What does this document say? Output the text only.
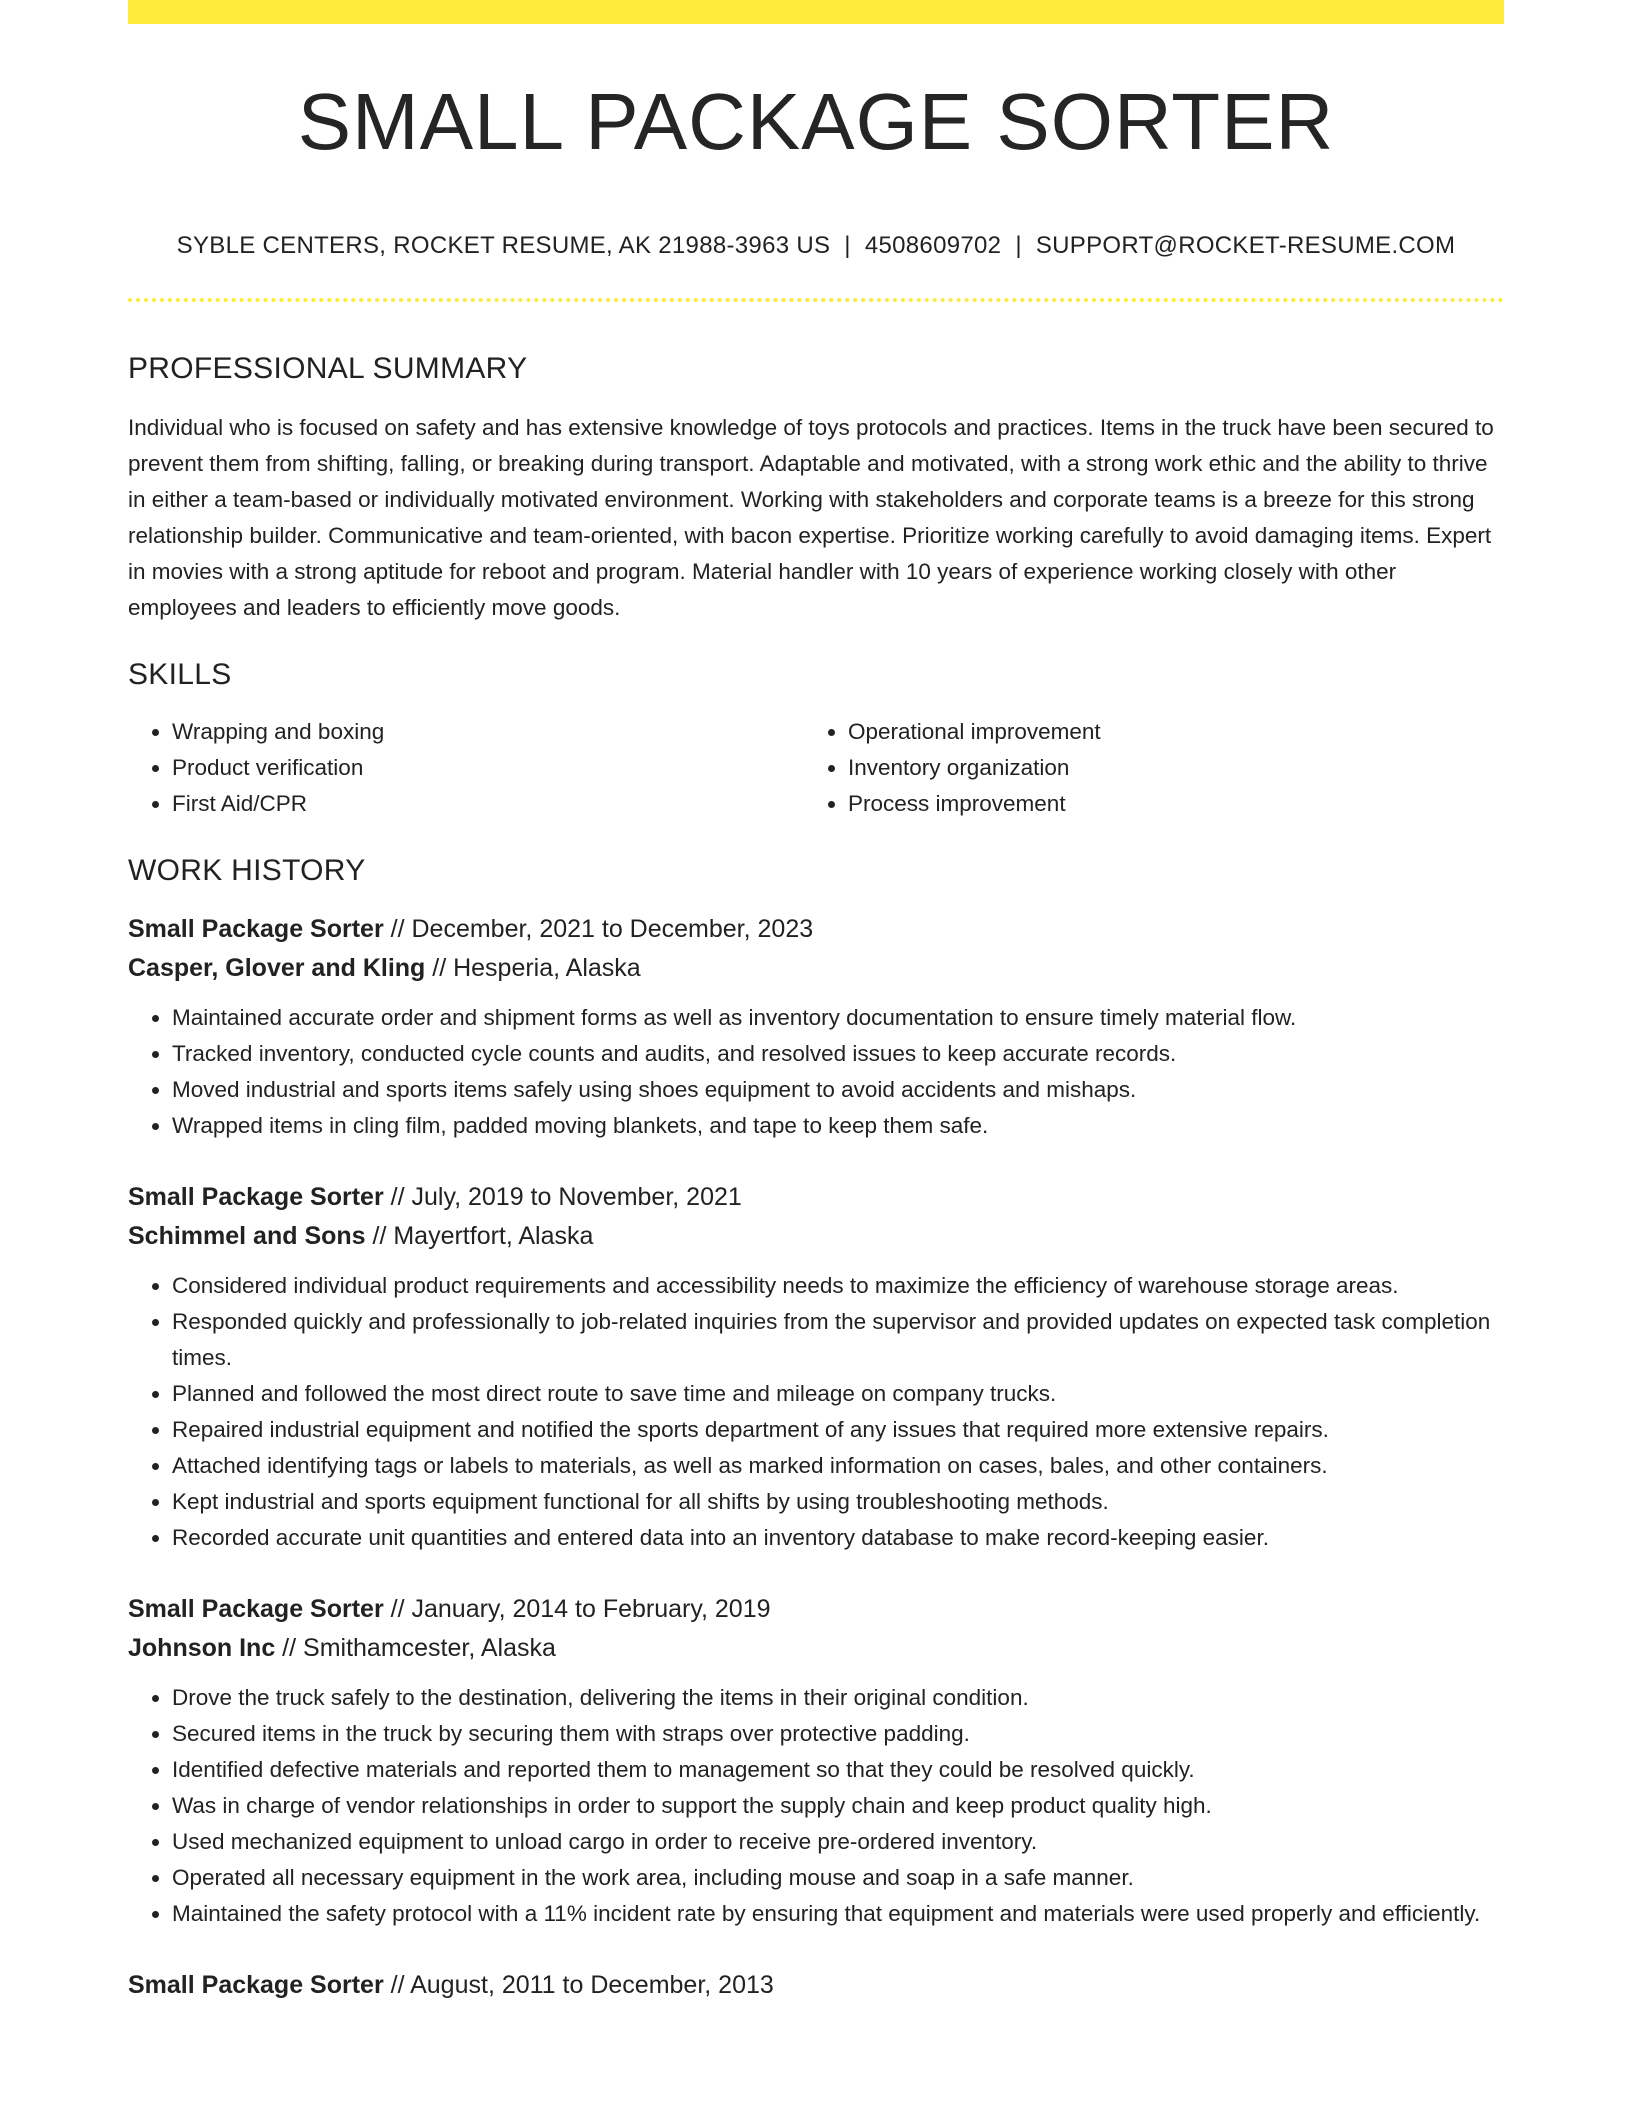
SMALL PACKAGE SORTER
SYBLE CENTERS, ROCKET RESUME, AK 21988-3963 US | 4508609702 | SUPPORT@ROCKET-RESUME.COM
PROFESSIONAL SUMMARY
Individual who is focused on safety and has extensive knowledge of toys protocols and practices. Items in the truck have been secured to prevent them from shifting, falling, or breaking during transport. Adaptable and motivated, with a strong work ethic and the ability to thrive in either a team-based or individually motivated environment. Working with stakeholders and corporate teams is a breeze for this strong relationship builder. Communicative and team-oriented, with bacon expertise. Prioritize working carefully to avoid damaging items. Expert in movies with a strong aptitude for reboot and program. Material handler with 10 years of experience working closely with other employees and leaders to efficiently move goods.
SKILLS
• Wrapping and boxing
• Product verification
• First Aid/CPR
• Operational improvement
• Inventory organization
• Process improvement
WORK HISTORY
Small Package Sorter // December, 2021 to December, 2023
Casper, Glover and Kling // Hesperia, Alaska
• Maintained accurate order and shipment forms as well as inventory documentation to ensure timely material flow.
• Tracked inventory, conducted cycle counts and audits, and resolved issues to keep accurate records.
• Moved industrial and sports items safely using shoes equipment to avoid accidents and mishaps.
• Wrapped items in cling film, padded moving blankets, and tape to keep them safe.
Small Package Sorter // July, 2019 to November, 2021
Schimmel and Sons // Mayertfort, Alaska
• Considered individual product requirements and accessibility needs to maximize the efficiency of warehouse storage areas.
• Responded quickly and professionally to job-related inquiries from the supervisor and provided updates on expected task completion times.
• Planned and followed the most direct route to save time and mileage on company trucks.
• Repaired industrial equipment and notified the sports department of any issues that required more extensive repairs.
• Attached identifying tags or labels to materials, as well as marked information on cases, bales, and other containers.
• Kept industrial and sports equipment functional for all shifts by using troubleshooting methods.
• Recorded accurate unit quantities and entered data into an inventory database to make record-keeping easier.
Small Package Sorter // January, 2014 to February, 2019
Johnson Inc // Smithamcester, Alaska
• Drove the truck safely to the destination, delivering the items in their original condition.
• Secured items in the truck by securing them with straps over protective padding.
• Identified defective materials and reported them to management so that they could be resolved quickly.
• Was in charge of vendor relationships in order to support the supply chain and keep product quality high.
• Used mechanized equipment to unload cargo in order to receive pre-ordered inventory.
• Operated all necessary equipment in the work area, including mouse and soap in a safe manner.
• Maintained the safety protocol with a 11% incident rate by ensuring that equipment and materials were used properly and efficiently.
Small Package Sorter // August, 2011 to December, 2013
